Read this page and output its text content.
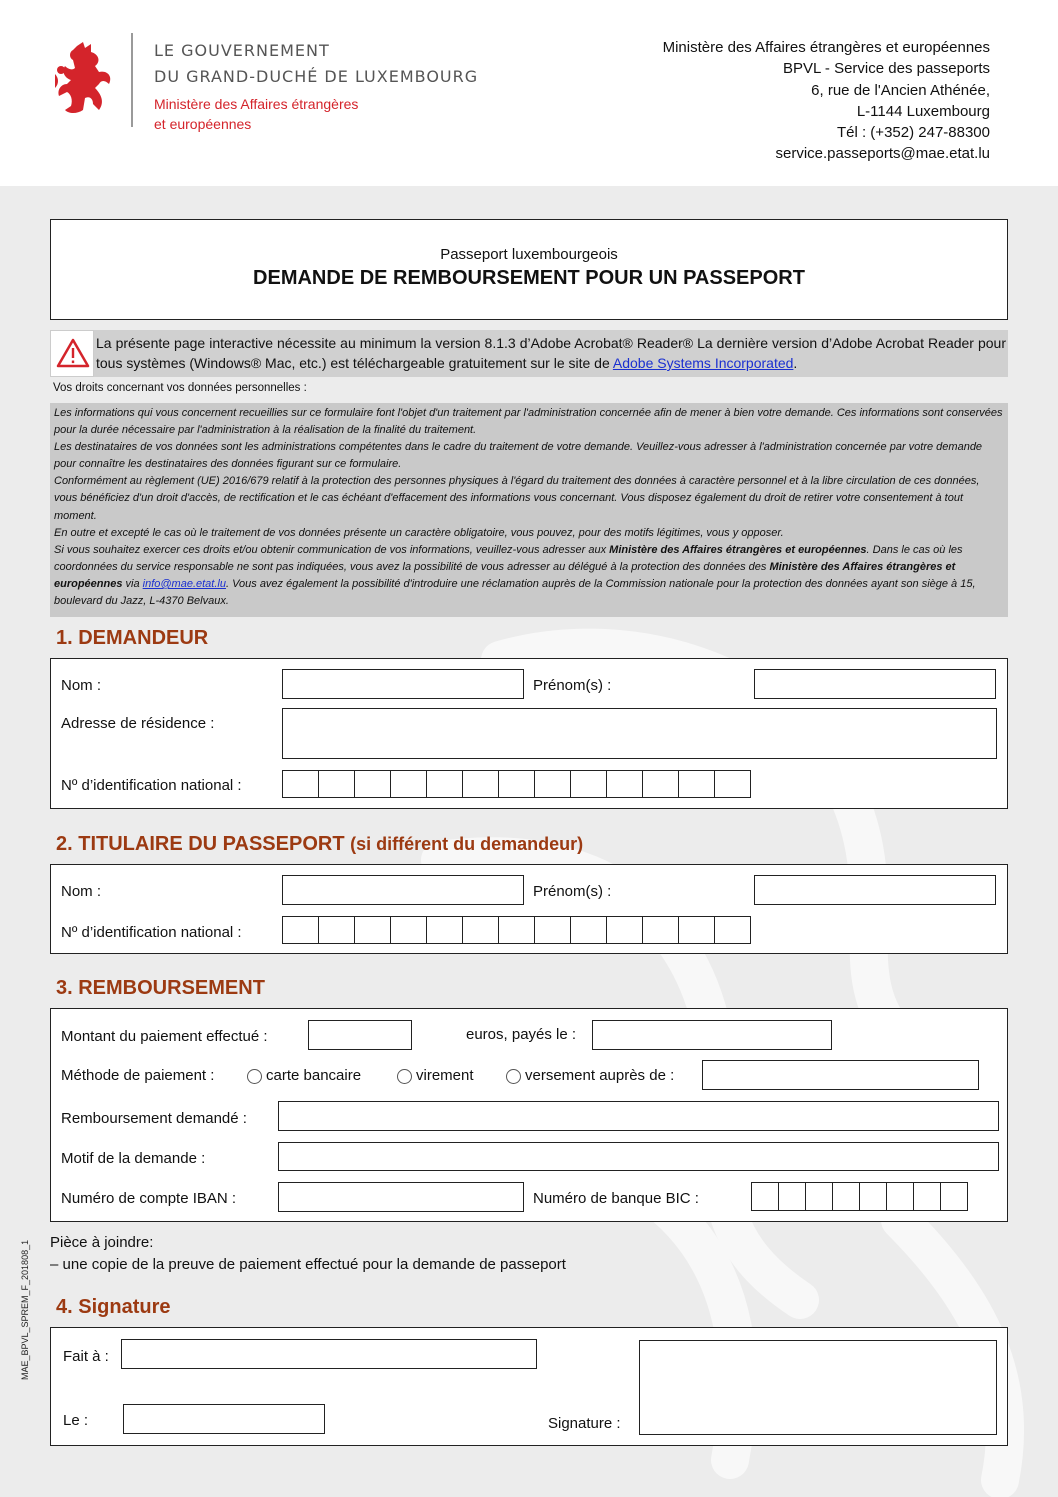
LE GOUVERNEMENT
DU GRAND-DUCHÉ DE LUXEMBOURG
Ministère des Affaires étrangères
et européennes
Ministère des Affaires étrangères et européennes
BPVL - Service des passeports
6, rue de l'Ancien Athénée,
L-1144 Luxembourg
Tél : (+352) 247-88300
service.passeports@mae.etat.lu
Passeport luxembourgeois
DEMANDE DE REMBOURSEMENT POUR UN PASSEPORT
La présente page interactive nécessite au minimum la version 8.1.3 d’Adobe Acrobat® Reader® La dernière version d’Adobe Acrobat Reader pour tous systèmes (Windows® Mac, etc.) est téléchargeable gratuitement sur le site de Adobe Systems Incorporated.
Vos droits concernant vos données personnelles :
Les informations qui vous concernent recueillies sur ce formulaire font l'objet d'un traitement par l'administration concernée afin de mener à bien votre demande. Ces informations sont conservées pour la durée nécessaire par l'administration à la réalisation de la finalité du traitement.
Les destinataires de vos données sont les administrations compétentes dans le cadre du traitement de votre demande. Veuillez-vous adresser à l'administration concernée par votre demande pour connaître les destinataires des données figurant sur ce formulaire.
Conformément au règlement (UE) 2016/679 relatif à la protection des personnes physiques à l'égard du traitement des données à caractère personnel et à la libre circulation de ces données, vous bénéficiez d'un droit d'accès, de rectification et le cas échéant d'effacement des informations vous concernant. Vous disposez également du droit de retirer votre consentement à tout moment.
En outre et excepté le cas où le traitement de vos données présente un caractère obligatoire, vous pouvez, pour des motifs légitimes, vous y opposer.
Si vous souhaitez exercer ces droits et/ou obtenir communication de vos informations, veuillez-vous adresser aux Ministère des Affaires étrangères et européennes. Dans le cas où les coordonnées du service responsable ne sont pas indiquées, vous avez la possibilité de vous adresser au délégué à la protection des données des Ministère des Affaires étrangères et européennes via info@mae.etat.lu. Vous avez également la possibilité d'introduire une réclamation auprès de la Commission nationale pour la protection des données ayant son siège à 15, boulevard du Jazz, L-4370 Belvaux.
1. DEMANDEUR
Nom :	Prénom(s) :
Adresse de résidence :
Nº d’identification national :
2. TITULAIRE DU PASSEPORT (si différent du demandeur)
Nom :	Prénom(s) :
Nº d’identification national :
3. REMBOURSEMENT
Montant du paiement effectué :	euros, payés le :
Méthode de paiement :	carte bancaire	virement	versement auprès de :
Remboursement demandé :
Motif de la demande :
Numéro de compte IBAN :	Numéro de banque BIC :
Pièce à joindre:
– une copie de la preuve de paiement effectué pour la demande de passeport
4. Signature
Fait à :
Le :	Signature :
MAE_BPVL_SPREM_F_201808_1
